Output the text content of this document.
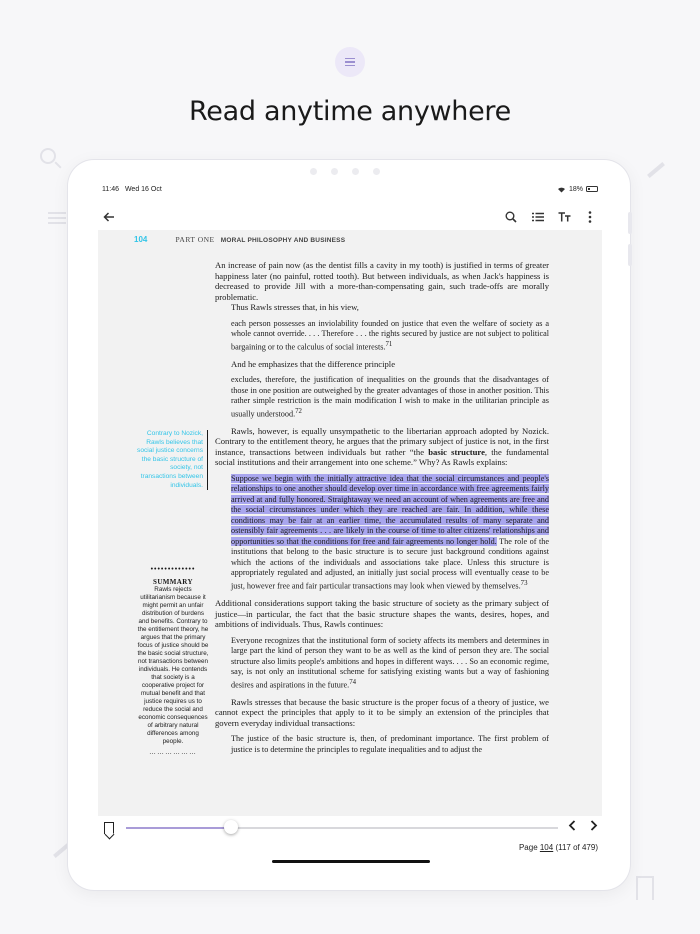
Read anytime anywhere
11:46 Wed 16 Oct	18%
104	PART ONE MORAL PHILOSOPHY AND BUSINESS
Contrary to Nozick, Rawls believes that social justice concerns the basic structure of society, not transactions between individuals.
•••••••••••••
SUMMARY
Rawls rejects utilitarianism because it might permit an unfair distribution of burdens and benefits. Contrary to the entitlement theory, he argues that the primary focus of justice should be the basic social structure, not transactions between individuals. He contends that society is a cooperative project for mutual benefit and that justice requires us to reduce the social and economic consequences of arbitrary natural differences among people.
………………

An increase of pain now (as the dentist fills a cavity in my tooth) is justified in terms of greater happiness later (no painful, rotted tooth). But between individuals, as when Jack's happiness is decreased to provide Jill with a more-than-compensating gain, such trade-offs are morally problematic.

Thus Rawls stresses that, in his view,

each person possesses an inviolability founded on justice that even the welfare of society as a whole cannot override. . . . Therefore . . . the rights secured by justice are not subject to political bargaining or to the calculus of social interests.$^{71}$

And he emphasizes that the difference principle

excludes, therefore, the justification of inequalities on the grounds that the disadvantages of those in one position are outweighed by the greater advantages of those in another position. This rather simple restriction is the main modification I wish to make in the utilitarian principle as usually understood.$^{72}$

Rawls, however, is equally unsympathetic to the libertarian approach adopted by Nozick. Contrary to the entitlement theory, he argues that the primary subject of justice is not, in the first instance, transactions between individuals but rather “the basic structure, the fundamental social institutions and their arrangement into one scheme.” Why? As Rawls explains:

Suppose we begin with the initially attractive idea that the social circumstances and people's relationships to one another should develop over time in accordance with free agreements fairly arrived at and fully honored. Straightaway we need an account of when agreements are free and the social circumstances under which they are reached are fair. In addition, while these conditions may be fair at an earlier time, the accumulated results of many separate and ostensibly fair agreements . . . are likely in the course of time to alter citizens' relationships and opportunities so that the conditions for free and fair agreements no longer hold. The role of the institutions that belong to the basic structure is to secure just background conditions against which the actions of the individuals and associations take place. Unless this structure is appropriately regulated and adjusted, an initially just social process will eventually cease to be just, however free and fair particular transactions may look when viewed by themselves.$^{73}$

Additional considerations support taking the basic structure of society as the primary subject of justice—in particular, the fact that the basic structure shapes the wants, desires, hopes, and ambitions of individuals. Thus, Rawls continues:

Everyone recognizes that the institutional form of society affects its members and determines in large part the kind of person they want to be as well as the kind of person they are. The social structure also limits people's ambitions and hopes in different ways. . . . So an economic regime, say, is not only an institutional scheme for satisfying existing wants but a way of fashioning desires and aspirations in the future.$^{74}$

Rawls stresses that because the basic structure is the proper focus of a theory of justice, we cannot expect the principles that apply to it to be simply an extension of the principles that govern everyday individual transactions:

The justice of the basic structure is, then, of predominant importance. The first problem of justice is to determine the principles to regulate inequalities and to adjust the

Page 104 (117 of 479)
